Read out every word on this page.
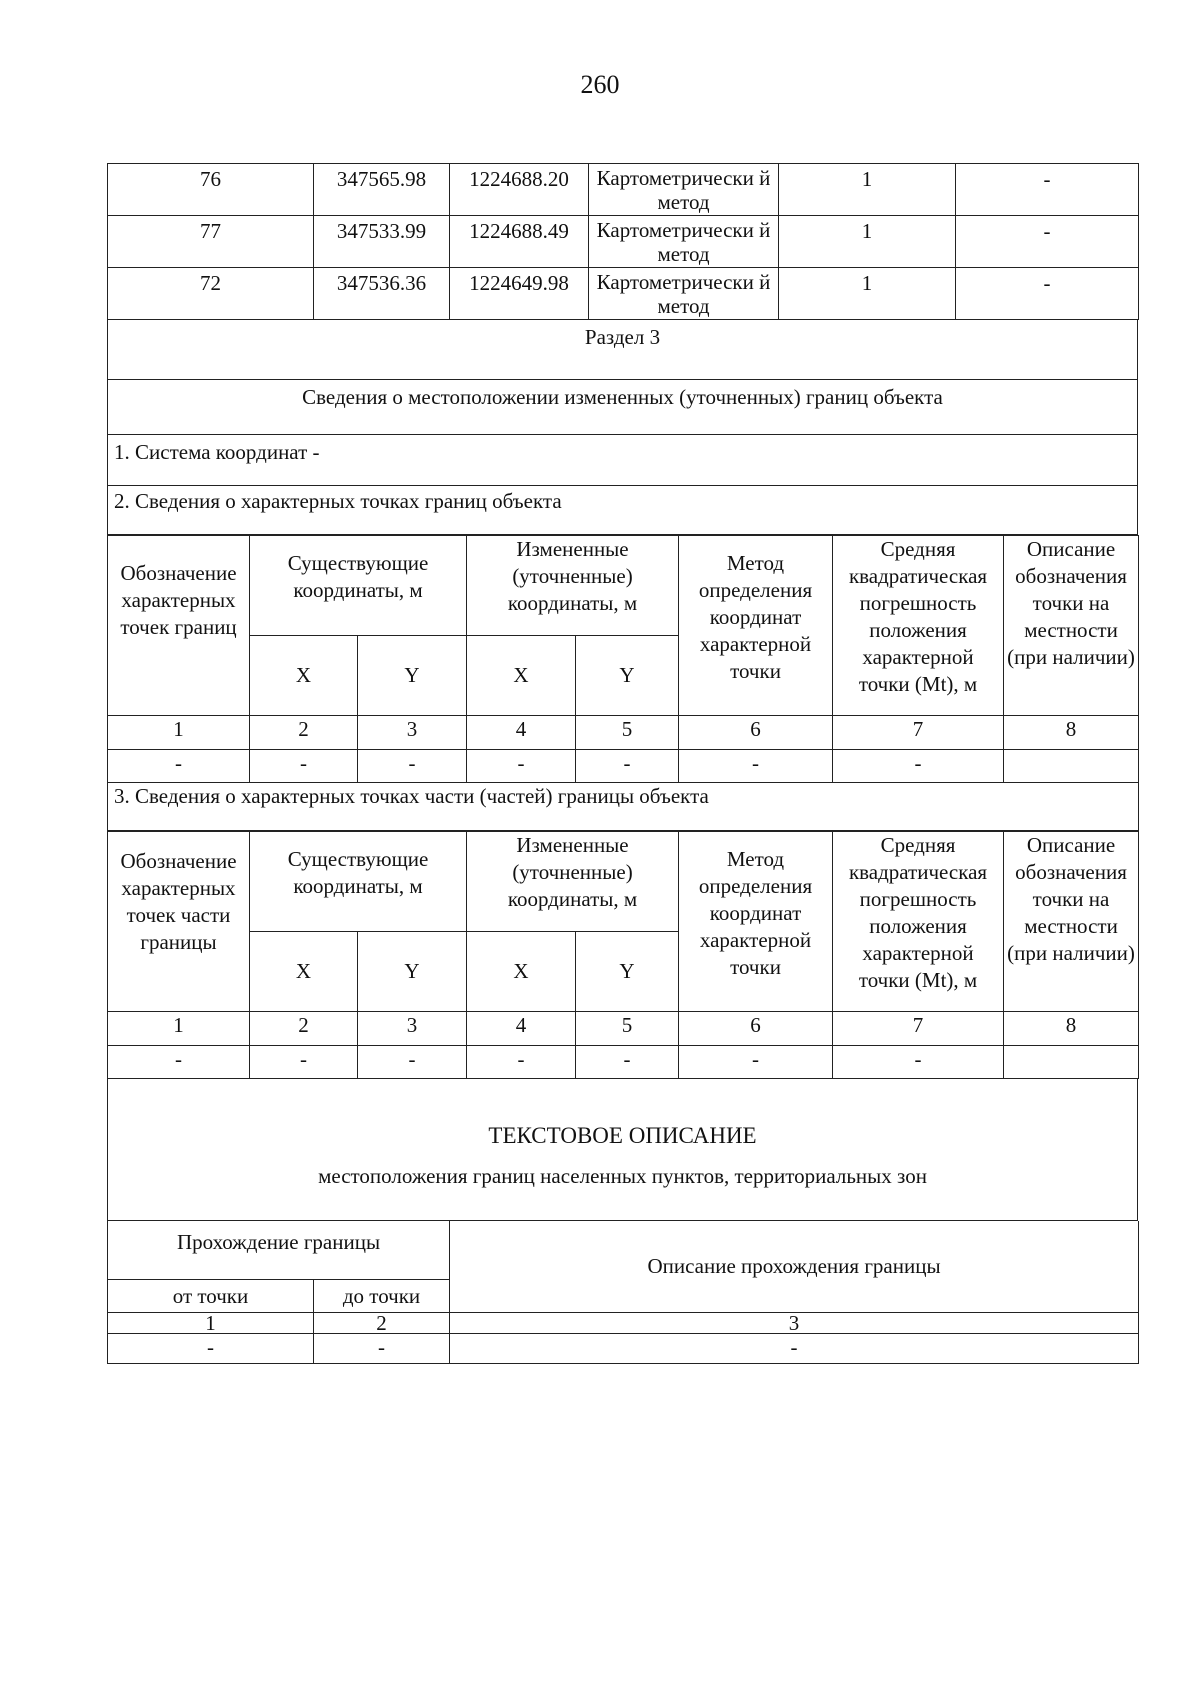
260
76	347565.98	1224688.20	Картометрически й метод	1	-
77	347533.99	1224688.49	Картометрически й метод	1	-
72	347536.36	1224649.98	Картометрически й метод	1	-
Раздел 3
Сведения о местоположении измененных (уточненных) границ объекта
1. Система координат -
2. Сведения о характерных точках границ объекта
Обозначение характерных точек границ	Существующие координаты, м		Измененные (уточненные) координаты, м		Метод определения координат характерной точки	Средняя квадратическая погрешность положения характерной точки (Mt), м	Описание обозначения точки на местности (при наличии)
	X	Y	X	Y			
1	2	3	4	5	6	7	8
-	-	-	-	-	-	-	
3. Сведения о характерных точках части (частей) границы объекта							
Обозначение характерных точек части границы	Существующие координаты, м		Измененные (уточненные) координаты, м		Метод определения координат характерной точки	Средняя квадратическая погрешность положения характерной точки (Mt), м	Описание обозначения точки на местности (при наличии)
	X	Y	X	Y			
1	2	3	4	5	6	7	8
-	-	-	-	-	-	-	
ТЕКСТОВОЕ ОПИСАНИЕ
местоположения границ населенных пунктов, территориальных зон
Прохождение границы		Описание прохождения границы
от точки	до точки	
1	2	3
-	-	-
